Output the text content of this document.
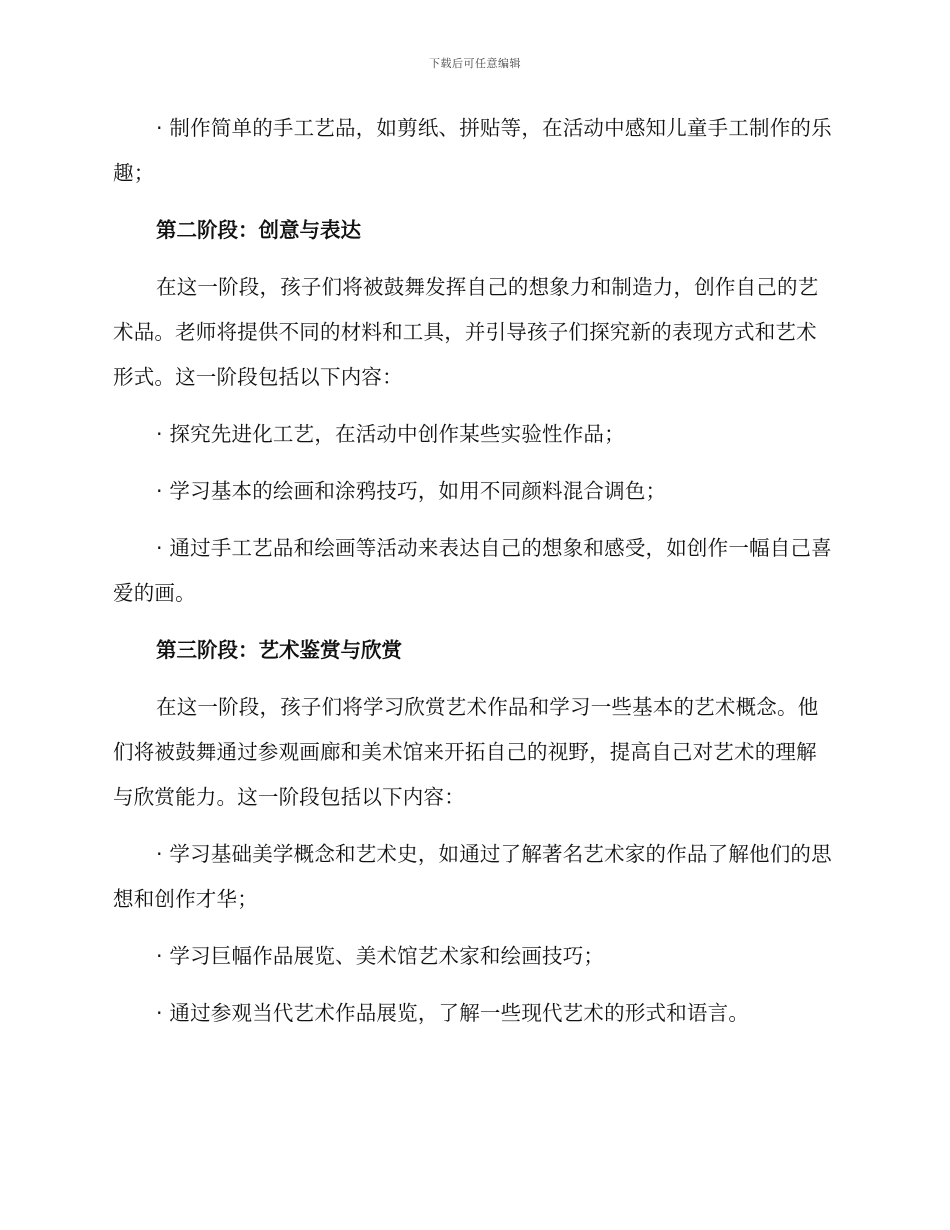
下载后可任意编辑

· 制作简单的手工艺品，如剪纸、拼贴等，在活动中感知儿童手工制作的乐趣；

第二阶段：创意与表达

在这一阶段，孩子们将被鼓舞发挥自己的想象力和制造力，创作自己的艺术品。老师将提供不同的材料和工具，并引导孩子们探究新的表现方式和艺术形式。这一阶段包括以下内容：

· 探究先进化工艺，在活动中创作某些实验性作品；

· 学习基本的绘画和涂鸦技巧，如用不同颜料混合调色；

· 通过手工艺品和绘画等活动来表达自己的想象和感受，如创作一幅自己喜爱的画。

第三阶段：艺术鉴赏与欣赏

在这一阶段，孩子们将学习欣赏艺术作品和学习一些基本的艺术概念。他们将被鼓舞通过参观画廊和美术馆来开拓自己的视野，提高自己对艺术的理解与欣赏能力。这一阶段包括以下内容：

· 学习基础美学概念和艺术史，如通过了解著名艺术家的作品了解他们的思想和创作才华；

· 学习巨幅作品展览、美术馆艺术家和绘画技巧；

· 通过参观当代艺术作品展览，了解一些现代艺术的形式和语言。
